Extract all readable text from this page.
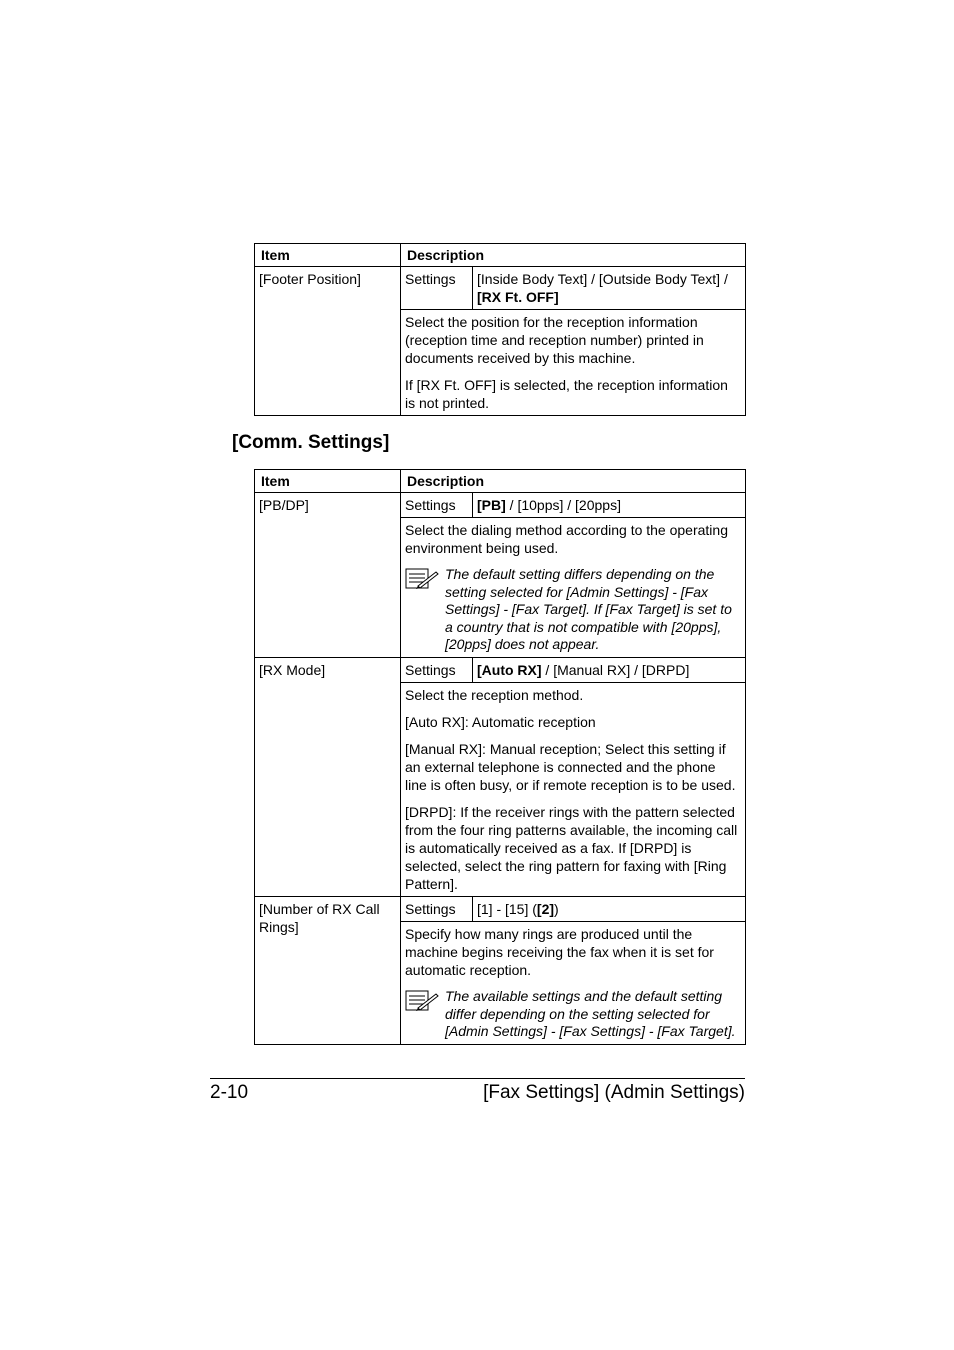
Item	Description	
[Footer Position]	Settings	[Inside Body Text] / [Outside Body Text] /
[RX Ft. OFF]

	Select the position for the reception information (reception time and reception number) printed in documents received by this machine.

If [RX Ft. OFF] is selected, the reception information is not printed.	

[Comm. Settings]
Item	Description	
[PB/DP]	Settings	[PB] / [10pps] / [20pps]

	Select the dialing method according to the operating environment being used.

The default setting differs depending on the setting selected for [Admin Settings] - [Fax Settings] - [Fax Target]. If [Fax Target] is set to a country that is not compatible with [20pps], [20pps] does not appear.	

[RX Mode]	Settings	[Auto RX] / [Manual RX] / [DRPD]

	Select the reception method.

[Auto RX]: Automatic reception

[Manual RX]: Manual reception; Select this setting if an external telephone is connected and the phone line is often busy, or if remote reception is to be used.

[DRPD]: If the receiver rings with the pattern selected from the four ring patterns available, the incoming call is automatically received as a fax. If [DRPD] is selected, select the ring pattern for faxing with [Ring Pattern].	

[Number of RX Call Rings]	Settings	[1] - [15] ([2])

	Specify how many rings are produced until the machine begins receiving the fax when it is set for automatic reception.

The available settings and the default setting differ depending on the setting selected for [Admin Settings] - [Fax Settings] - [Fax Target].	
2-10	[Fax Settings] (Admin Settings)
